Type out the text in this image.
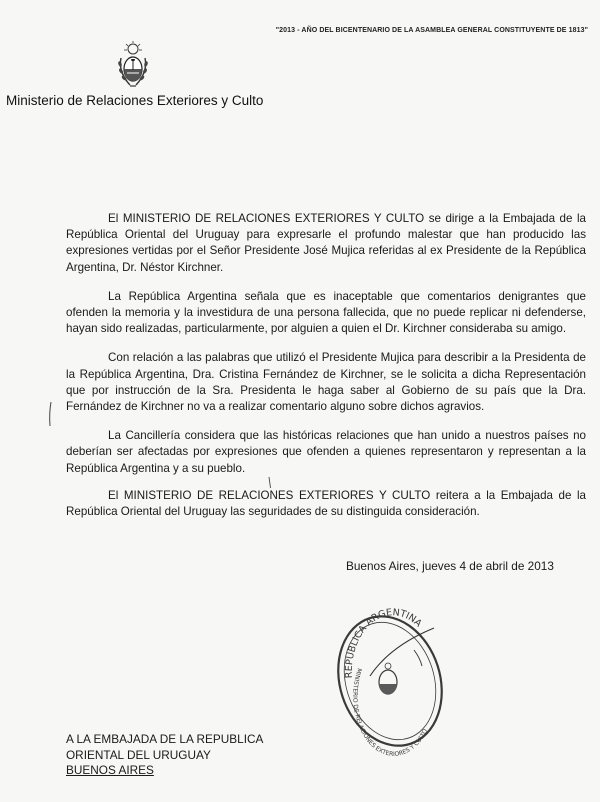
"2013 - AÑO DEL BICENTENARIO DE LA ASAMBLEA GENERAL CONSTITUYENTE DE 1813"
Ministerio de Relaciones Exteriores y Culto

El MINISTERIO DE RELACIONES EXTERIORES Y CULTO se dirige a la Embajada de la República Oriental del Uruguay para expresarle el profundo malestar que han producido las expresiones vertidas por el Señor Presidente José Mujica referidas al ex Presidente de la República Argentina, Dr. Néstor Kirchner.

La República Argentina señala que es inaceptable que comentarios denigrantes que ofenden la memoria y la investidura de una persona fallecida, que no puede replicar ni defenderse, hayan sido realizadas, particularmente, por alguien a quien el Dr. Kirchner consideraba su amigo.

Con relación a las palabras que utilizó el Presidente Mujica para describir a la Presidenta de la República Argentina, Dra. Cristina Fernández de Kirchner, se le solicita a dicha Representación que por instrucción de la Sra. Presidenta le haga saber al Gobierno de su país que la Dra. Fernández de Kirchner no va a realizar comentario alguno sobre dichos agravios.

La Cancillería considera que las históricas relaciones que han unido a nuestros países no deberían ser afectadas por expresiones que ofenden a quienes representaron y representan a la República Argentina y a su pueblo.

El MINISTERIO DE RELACIONES EXTERIORES Y CULTO reitera a la Embajada de la República Oriental del Uruguay las seguridades de su distinguida consideración.

Buenos Aires, jueves 4 de abril de 2013
REPUBLICA ARGENTINA
MINISTERIO DE RELACIONES EXTERIORES Y CULTO
A LA EMBAJADA DE LA REPUBLICA
ORIENTAL DEL URUGUAY
BUENOS AIRES
